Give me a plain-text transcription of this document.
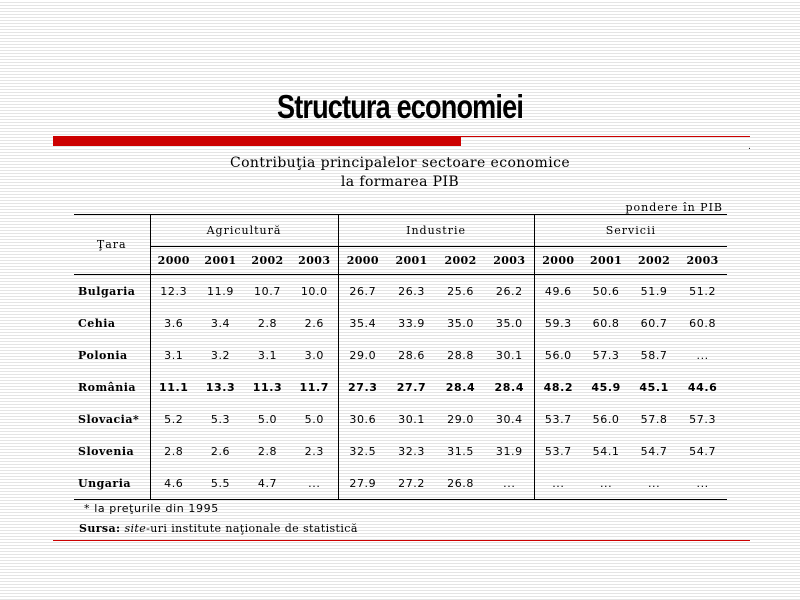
Structura economiei
.
Contribuţia principalelor sectoare economice
la formarea PIB
pondere în PIB
Ţara	Agricultură				Industrie				Servicii			
	2000	2001	2002	2003	2000	2001	2002	2003	2000	2001	2002	2003
Bulgaria	12.3	11.9	10.7	10.0	26.7	26.3	25.6	26.2	49.6	50.6	51.9	51.2
Cehia	3.6	3.4	2.8	2.6	35.4	33.9	35.0	35.0	59.3	60.8	60.7	60.8
Polonia	3.1	3.2	3.1	3.0	29.0	28.6	28.8	30.1	56.0	57.3	58.7	...
România	11.1	13.3	11.3	11.7	27.3	27.7	28.4	28.4	48.2	45.9	45.1	44.6
Slovacia*	5.2	5.3	5.0	5.0	30.6	30.1	29.0	30.4	53.7	56.0	57.8	57.3
Slovenia	2.8	2.6	2.8	2.3	32.5	32.3	31.5	31.9	53.7	54.1	54.7	54.7
Ungaria	4.6	5.5	4.7	...	27.9	27.2	26.8	...	...	...	...	...
* la preţurile din 1995
Sursa: site-uri institute naţionale de statistică
